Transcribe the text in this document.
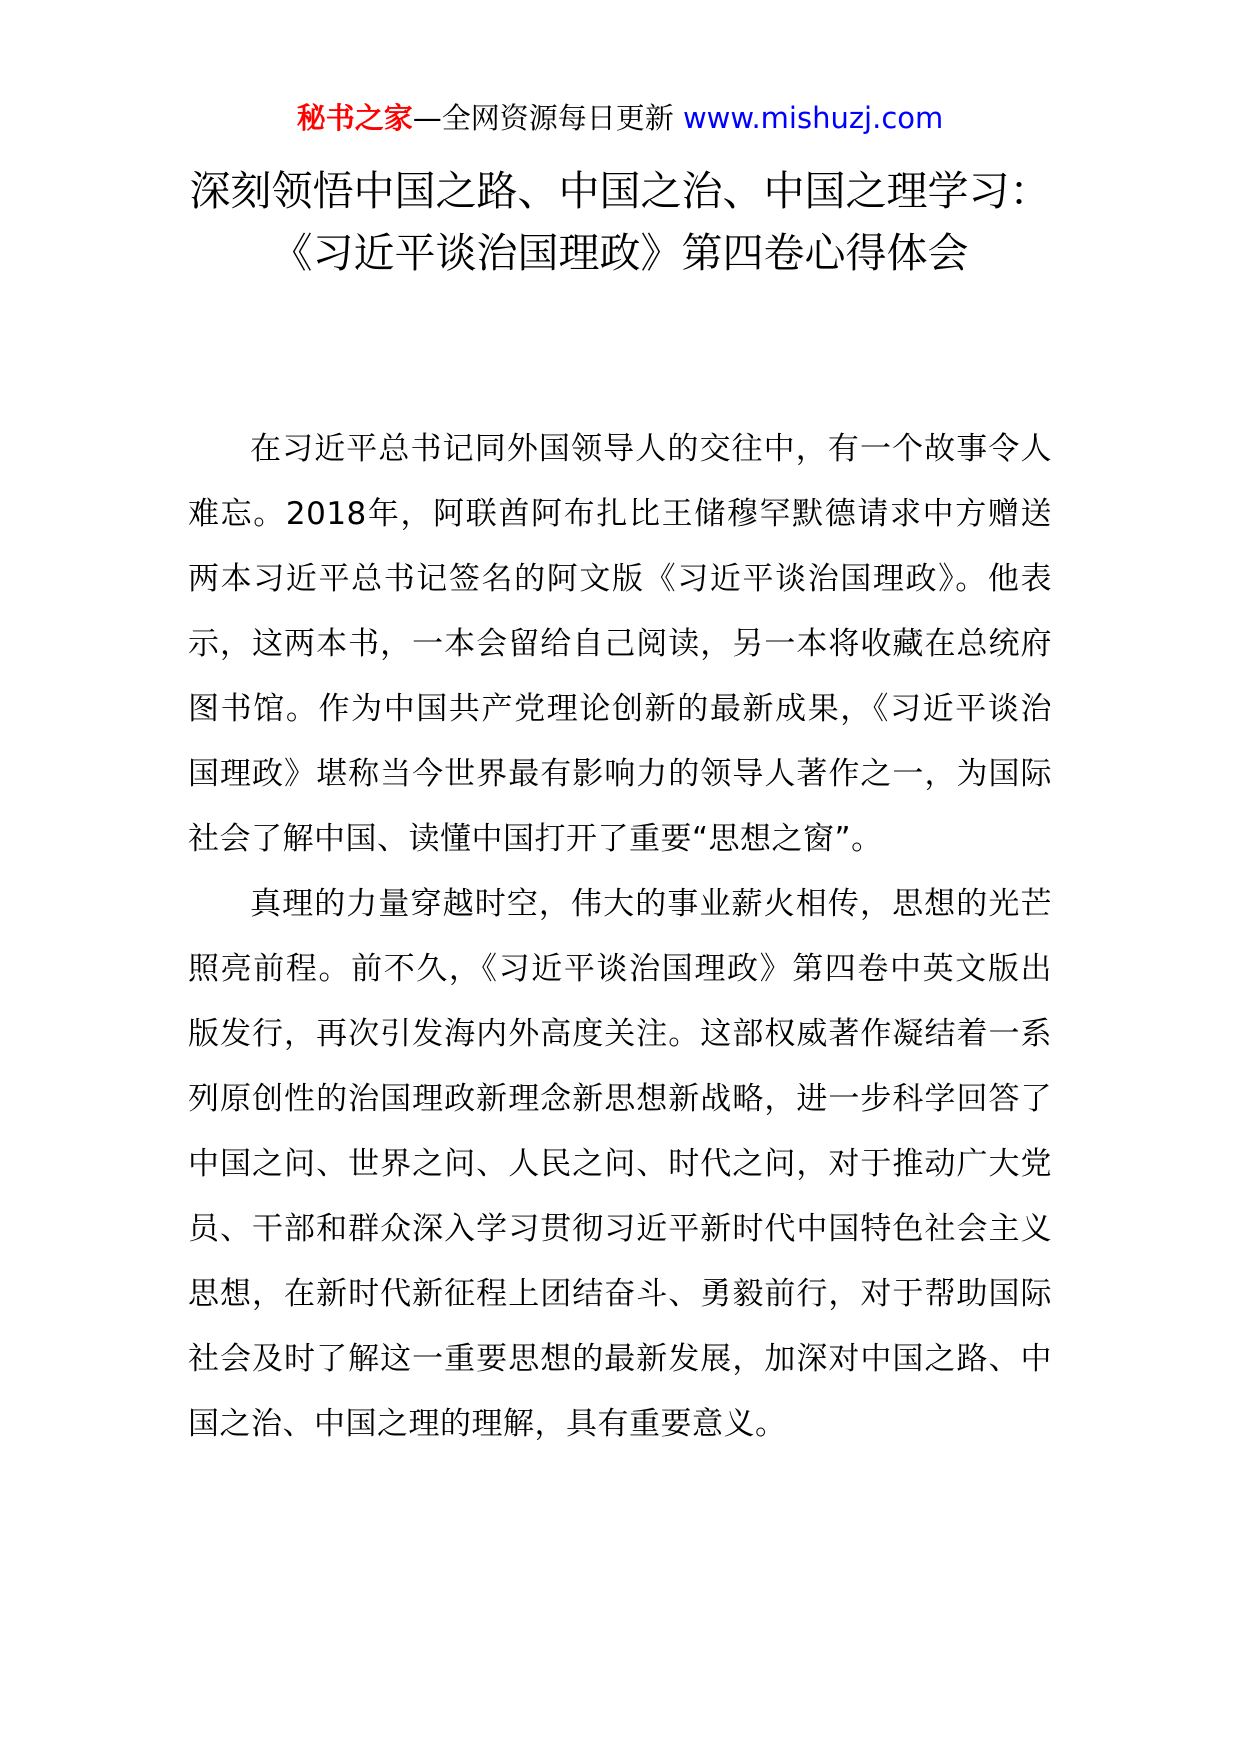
秘书之家—全网资源每日更新 www.mishuzj.com
深刻领悟中国之路、中国之治、中国之理学习：《习近平谈治国理政》第四卷心得体会

在习近平总书记同外国领导人的交往中，有一个故事令人难忘。2018年，阿联酋阿布扎比王储穆罕默德请求中方赠送两本习近平总书记签名的阿文版《习近平谈治国理政》。他表示，这两本书，一本会留给自己阅读，另一本将收藏在总统府图书馆。作为中国共产党理论创新的最新成果，《习近平谈治国理政》堪称当今世界最有影响力的领导人著作之一，为国际社会了解中国、读懂中国打开了重要“思想之窗”。

真理的力量穿越时空，伟大的事业薪火相传，思想的光芒照亮前程。前不久，《习近平谈治国理政》第四卷中英文版出版发行，再次引发海内外高度关注。这部权威著作凝结着一系列原创性的治国理政新理念新思想新战略，进一步科学回答了中国之问、世界之问、人民之问、时代之问，对于推动广大党员、干部和群众深入学习贯彻习近平新时代中国特色社会主义思想，在新时代新征程上团结奋斗、勇毅前行，对于帮助国际社会及时了解这一重要思想的最新发展，加深对中国之路、中国之治、中国之理的理解，具有重要意义。
